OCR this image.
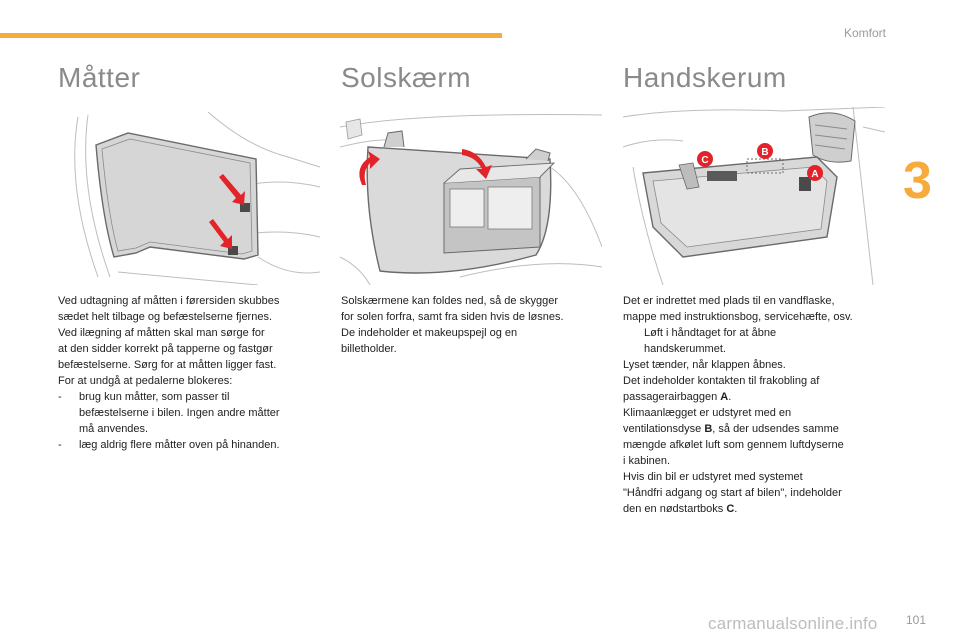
Komfort
3
Måtter

Ved udtagning af måtten i førersiden skubbes

sædet helt tilbage og befæstelserne fjernes.

Ved ilægning af måtten skal man sørge for

at den sidder korrekt på tapperne og fastgør

befæstelserne. Sørg for at måtten ligger fast.

For at undgå at pedalerne blokeres:

- brug kun måtter, som passer til

befæstelserne i bilen. Ingen andre måtter

må anvendes.

- læg aldrig flere måtter oven på hinanden.

Solskærm

Solskærmene kan foldes ned, så de skygger

for solen forfra, samt fra siden hvis de løsnes.

De indeholder et makeupspejl og en

billetholder.

Handskerum
C
B
A

Det er indrettet med plads til en vandflaske,

mappe med instruktionsbog, servicehæfte, osv.

Løft i håndtaget for at åbne

handskerummet.

Lyset tænder, når klappen åbnes.

Det indeholder kontakten til frakobling af

passagerairbaggen A.

Klimaanlægget er udstyret med en

ventilationsdyse B, så der udsendes samme

mængde afkølet luft som gennem luftdyserne

i kabinen.

Hvis din bil er udstyret med systemet

"Håndfri adgang og start af bilen", indeholder

den en nødstartboks C.

101
carmanualsonline.info
